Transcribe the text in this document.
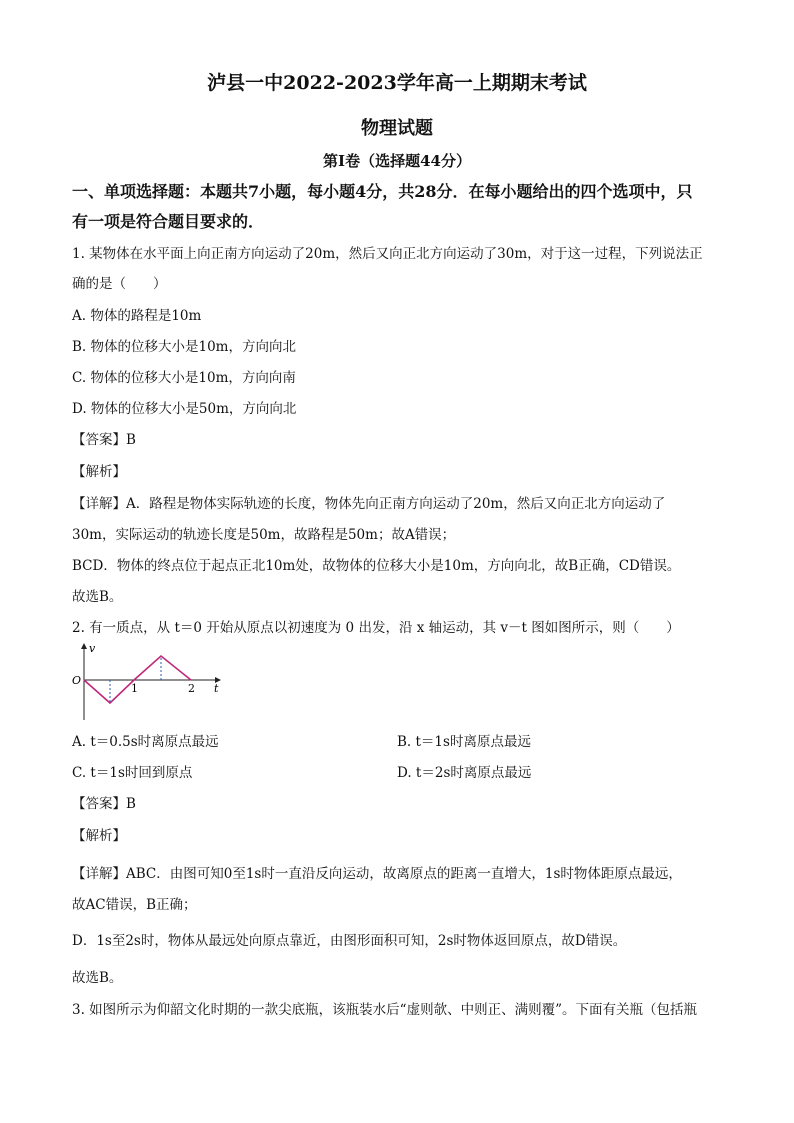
泸县一中2022-2023学年高一上期期末考试
物理试题
第I卷（选择题44分）
一、单项选择题：本题共7小题，每小题4分，共28分．在每小题给出的四个选项中，只
有一项是符合题目要求的．
1. 某物体在水平面上向正南方向运动了20m，然后又向正北方向运动了30m，对于这一过程，下列说法正
确的是（　　）
A. 物体的路程是10m
B. 物体的位移大小是10m，方向向北
C. 物体的位移大小是10m，方向向南
D. 物体的位移大小是50m，方向向北
【答案】B
【解析】
【详解】A．路程是物体实际轨迹的长度，物体先向正南方向运动了20m，然后又向正北方向运动了
30m，实际运动的轨迹长度是50m，故路程是50m；故A错误；
BCD．物体的终点位于起点正北10m处，故物体的位移大小是10m，方向向北，故B正确，CD错误。
故选B。
2. 有一质点，从 t＝0 开始从原点以初速度为 0 出发，沿 x 轴运动，其 v－t 图如图所示，则（　　）
v
t
O
1	2
A. t＝0.5s时离原点最远	B. t＝1s时离原点最远
C. t＝1s时回到原点	D. t＝2s时离原点最远
【答案】B
【解析】
【详解】ABC．由图可知0至1s时一直沿反向运动，故离原点的距离一直增大，1s时物体距原点最远，
故AC错误，B正确；
D．1s至2s时，物体从最远处向原点靠近，由图形面积可知，2s时物体返回原点，故D错误。
故选B。
3. 如图所示为仰韶文化时期的一款尖底瓶，该瓶装水后“虚则欹、中则正、满则覆”。下面有关瓶（包括瓶
